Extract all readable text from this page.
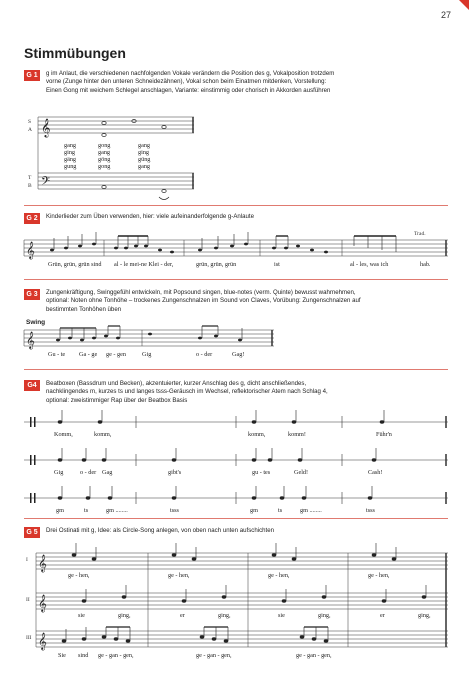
27
Stimmübungen
G 1	g im Anlaut, die verschiedenen nachfolgenden Vokale verändern die Position des g, Vokalposition trotzdem

vorne (Zunge hinter den unteren Schneidezähnen), Vokal schon beim Einatmen mitdenken, Vorstellung:

Einen Gong mit weichem Schlegel anschlagen, Variante: einstimmig oder chorisch in Akkorden ausführen

S
A
T
B
𝄞
𝄢
gang	gong	gang
ging	gang	ging
gäng	göng	güng
gung	gong	gang
G 2	Kinderlieder zum Üben verwenden, hier: viele aufeinanderfolgende g-Anlaute

Trad.
𝄞
Grün, grün, grün sind al - le mei-ne Klei - der,	grün, grün, grün	ist	al - les, was ich	hab.
G 3	Zungenkräftigung, Swinggefühl entwickeln, mit Popsound singen, blue-notes (verm. Quinte) bewusst wahrnehmen,

optional: Noten ohne Tonhöhe – trockenes Zungenschnalzen im Sound von Claves, Vorübung: Zungenschnalzen auf

bestimmten Tonhöhen üben

Swing
𝄞
Gu - te Ga - ge ge - gen	Gig	o - der	Gag!
G4	Beatboxen (Bassdrum und Becken), akzentuierter, kurzer Anschlag des g, dicht anschließendes,

nachklingendes m, kurzes ts und langes tsss-Geräusch im Wechsel, reflektorischer Atem nach Schlag 4,

optional: zweistimmiger Rap über der Beatbox Basis

Komm,	komm,	komm,	komm!	Führ'n
Gig	o - der Gag	gibt's	gu - tes	Geld!	Cash!
gm	ts	gm ........	tsss	gm	ts	gm ........	tsss
G 5	Drei Ostinati mit g, Idee: als Circle-Song anlegen, von oben nach unten aufschichten

I
II
III
𝄞
𝄞
𝄞
ge - hen,	ge - hen,	ge - hen,	ge - hen,
sie	ging,	er	ging,	sie	ging,	er	ging,
Sie sind ge - gan - gen,	ge - gan - gen,	ge - gan - gen,
